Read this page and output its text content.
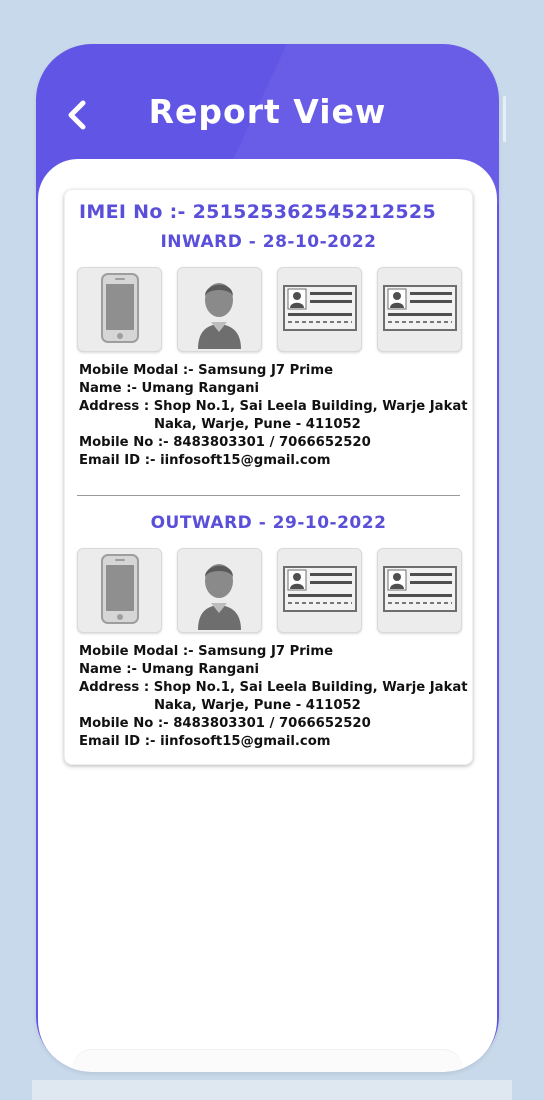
Report View
IMEI No :- 251525362545212525
INWARD - 28-10-2022
Mobile Modal :- Samsung J7 Prime
Name :- Umang Rangani
Address : Shop No.1, Sai Leela Building, Warje Jakat
Naka, Warje, Pune - 411052
Mobile No :- 8483803301 / 7066652520
Email ID :- iinfosoft15@gmail.com
OUTWARD - 29-10-2022
Mobile Modal :- Samsung J7 Prime
Name :- Umang Rangani
Address : Shop No.1, Sai Leela Building, Warje Jakat
Naka, Warje, Pune - 411052
Mobile No :- 8483803301 / 7066652520
Email ID :- iinfosoft15@gmail.com
